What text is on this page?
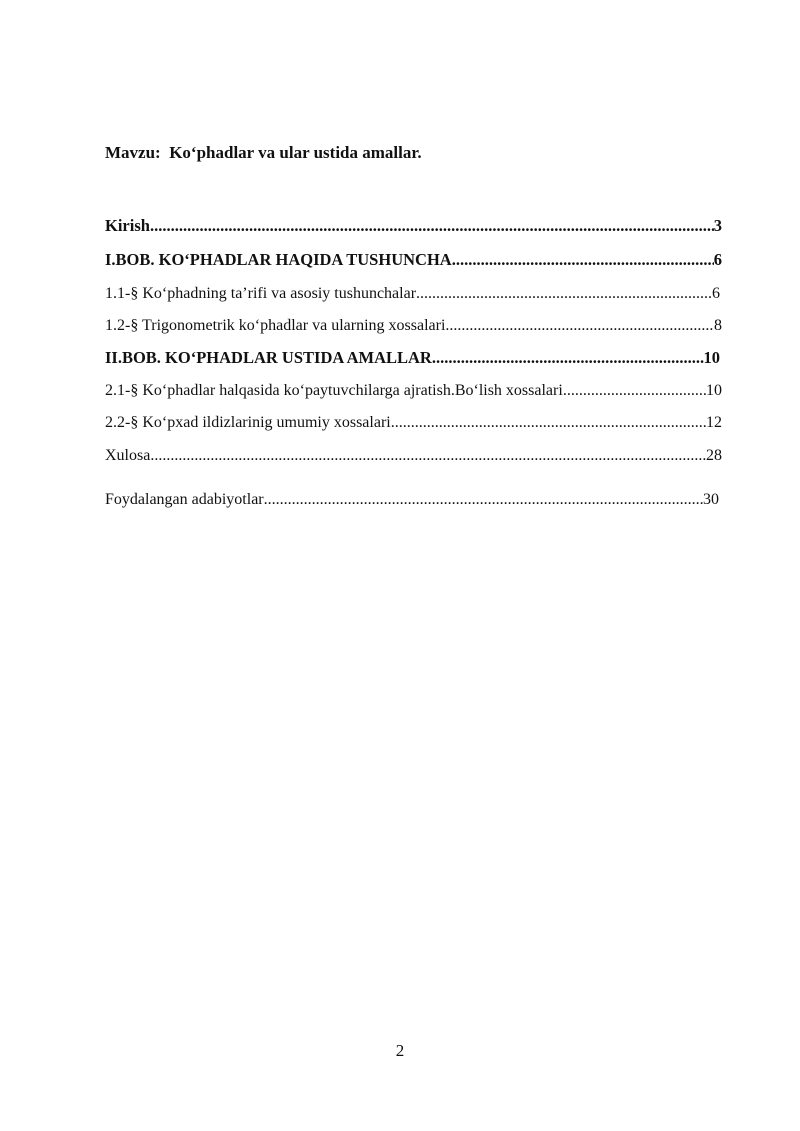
Mavzu:  Ko‘phadlar va ular ustida amallar.
Kirish .....	3
I.BOB. KO‘PHADLAR HAQIDA TUSHUNCHA .....	6
1.1-§ Ko‘phadning ta’rifi va asosiy tushunchalar .....	6
1.2-§ Trigonometrik ko‘phadlar va ularning xossalari .....	8
II.BOB. KO‘PHADLAR USTIDA AMALLAR .....	10
2.1-§ Ko‘phadlar halqasida ko‘paytuvchilarga ajratish.Bo‘lish xossalari .....	10
2.2-§ Ko‘pxad ildizlarinig umumiy xossalari .....	12
Xulosa .....	28
Foydalangan adabiyotlar .....	30
2
